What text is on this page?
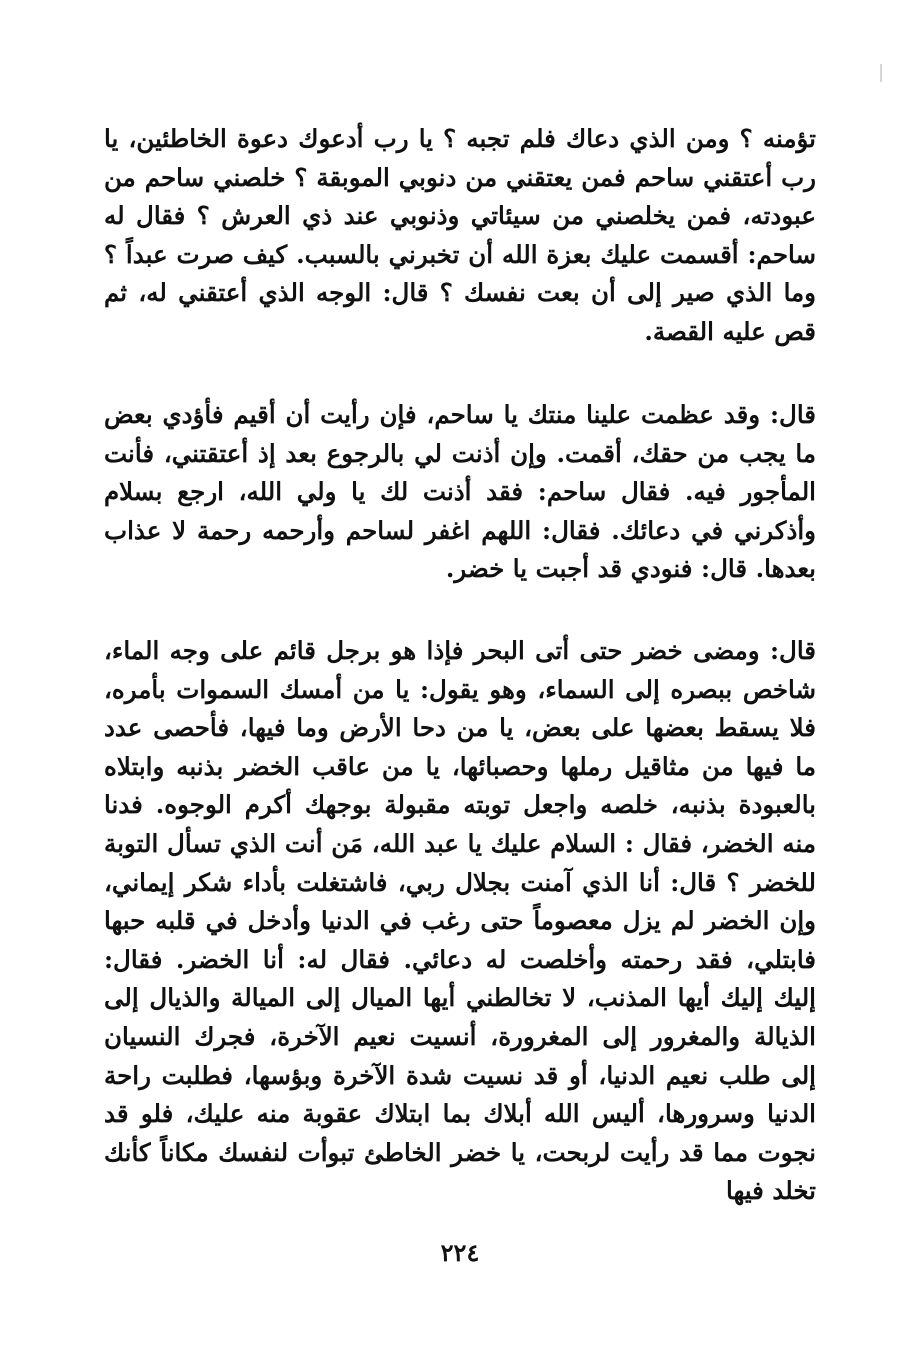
تؤمنه ؟ ومن الذي دعاك فلم تجبه ؟ يا رب أدعوك دعوة الخاطئين، يا رب أعتقني ساحم فمن يعتقني من دنوبي الموبقة ؟ خلصني ساحم من عبودته، فمن يخلصني من سيئاتي وذنوبي عند ذي العرش ؟ فقال له ساحم: أقسمت عليك بعزة الله أن تخبرني بالسبب. كيف صرت عبداً ؟ وما الذي صير إلى أن بعت نفسك ؟ قال: الوجه الذي أعتقني له، ثم قص عليه القصة.

قال: وقد عظمت علينا منتك يا ساحم، فإن رأيت أن أقيم فأؤدي بعض ما يجب من حقك، أقمت. وإن أذنت لي بالرجوع بعد إذ أعتقتني، فأنت المأجور فيه. فقال ساحم: فقد أذنت لك يا ولي الله، ارجع بسلام وأذكرني في دعائك. فقال: اللهم اغفر لساحم وأرحمه رحمة لا عذاب بعدها. قال: فنودي قد أجبت يا خضر.

قال: ومضى خضر حتى أتى البحر فإذا هو برجل قائم على وجه الماء، شاخص ببصره إلى السماء، وهو يقول: يا من أمسك السموات بأمره، فلا يسقط بعضها على بعض، يا من دحا الأرض وما فيها، فأحصى عدد ما فيها من مثاقيل رملها وحصبائها، يا من عاقب الخضر بذنبه وابتلاه بالعبودة بذنبه، خلصه واجعل توبته مقبولة بوجهك أكرم الوجوه. فدنا منه الخضر، فقال : السلام عليك يا عبد الله، مَن أنت الذي تسأل التوبة للخضر ؟ قال: أنا الذي آمنت بجلال ربي، فاشتغلت بأداء شكر إيماني، وإن الخضر لم يزل معصوماً حتى رغب في الدنيا وأدخل في قلبه حبها فابتلي، فقد رحمته وأخلصت له دعائي. فقال له: أنا الخضر. فقال: إليك إليك أيها المذنب، لا تخالطني أيها الميال إلى الميالة والذيال إلى الذيالة والمغرور إلى المغرورة، أنسيت نعيم الآخرة، فجرك النسيان إلى طلب نعيم الدنيا، أو قد نسيت شدة الآخرة وبؤسها، فطلبت راحة الدنيا وسرورها، أليس الله أبلاك بما ابتلاك عقوبة منه عليك، فلو قد نجوت مما قد رأيت لربحت، يا خضر الخاطئ تبوأت لنفسك مكاناً كأنك تخلد فيها

٢٢٤
